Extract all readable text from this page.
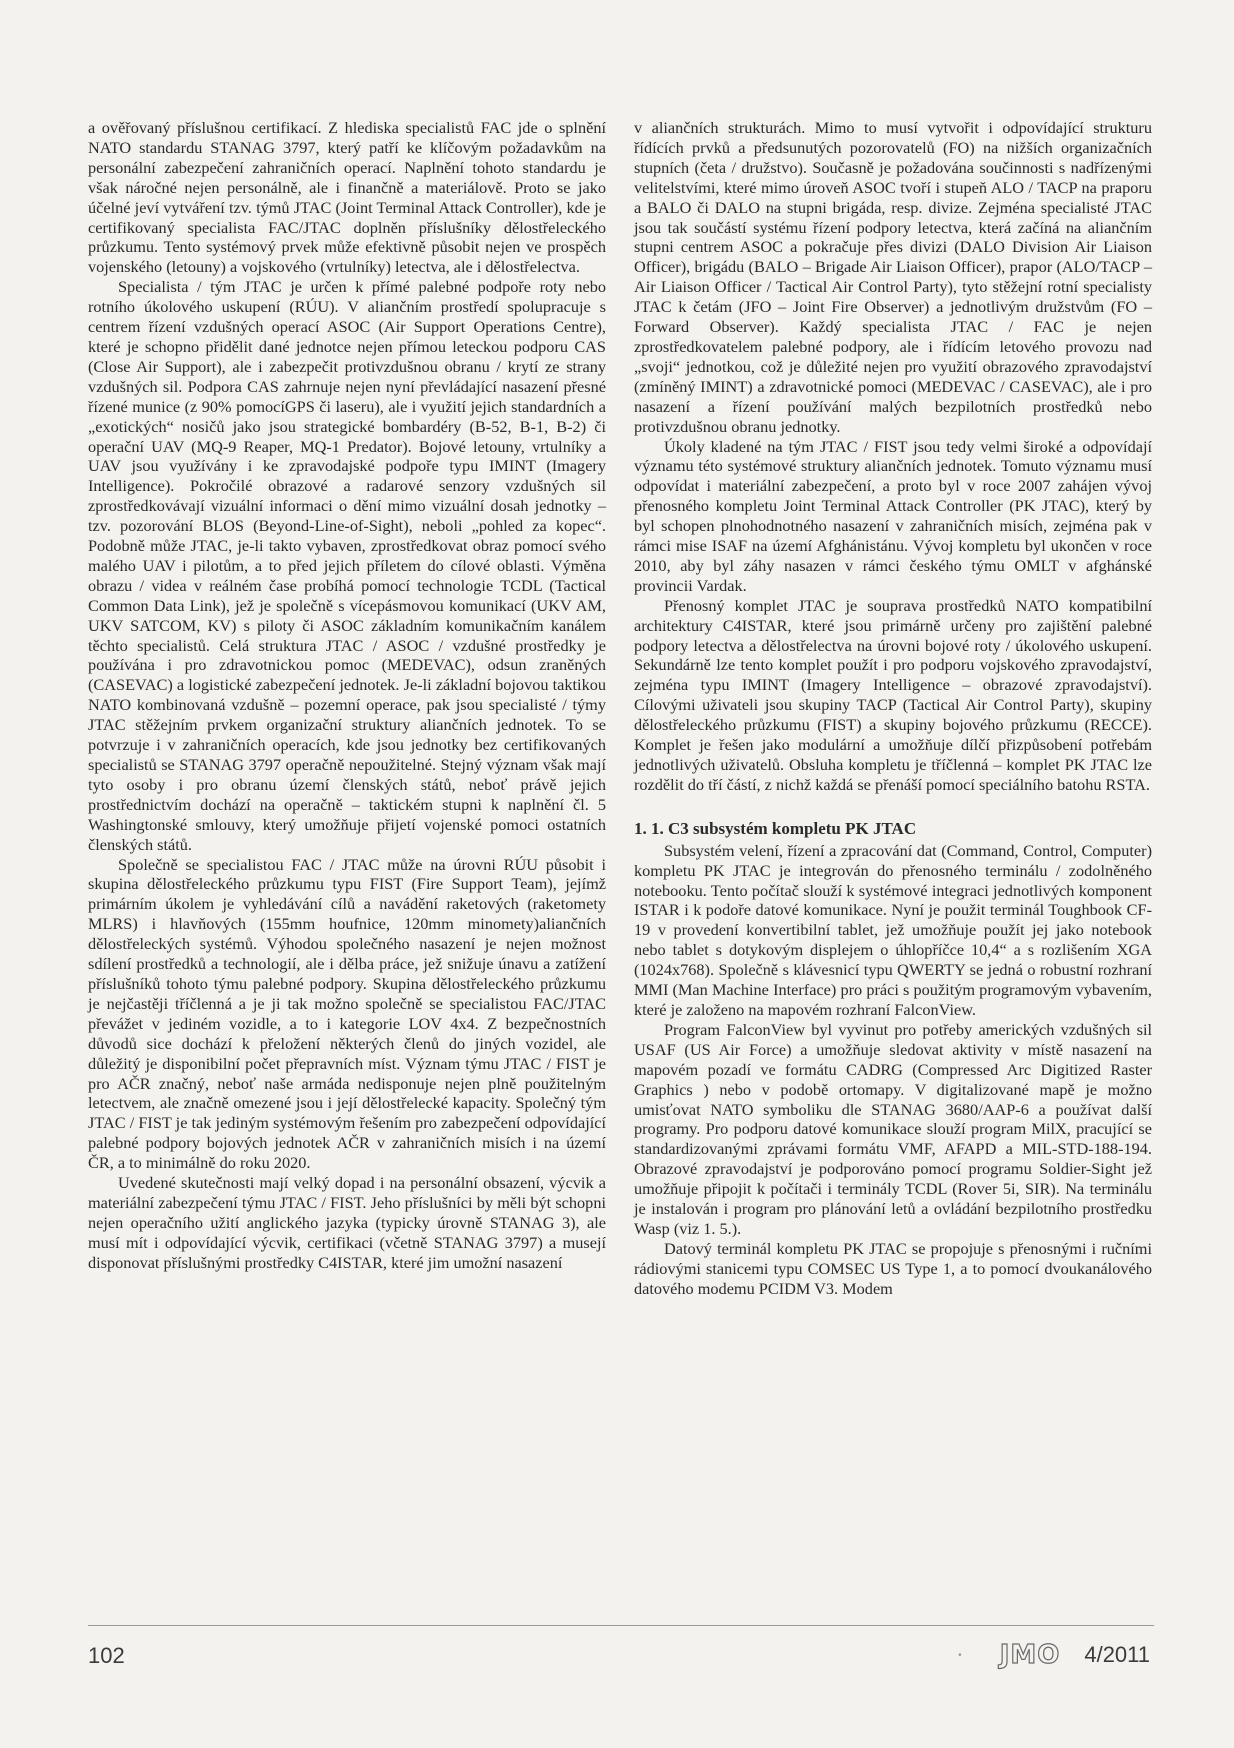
a ověřovaný příslušnou certifikací. Z hlediska specialistů FAC jde o splnění NATO standardu STANAG 3797, který patří ke klíčovým požadavkům na personální zabezpečení zahraničních operací. Naplnění tohoto standardu je však náročné nejen personálně, ale i finančně a materiálově. Proto se jako účelné jeví vytváření tzv. týmů JTAC (Joint Terminal Attack Controller), kde je certifikovaný specialista FAC/JTAC doplněn příslušníky dělostřeleckého průzkumu. Tento systémový prvek může efektivně působit nejen ve prospěch vojenského (letouny) a vojskového (vrtulníky) letectva, ale i dělostřelectva.

Specialista / tým JTAC je určen k přímé palebné podpoře roty nebo rotního úkolového uskupení (RÚU). V aliančním prostředí spolupracuje s centrem řízení vzdušných operací ASOC (Air Support Operations Centre), které je schopno přidělit dané jednotce nejen přímou leteckou podporu CAS (Close Air Support), ale i zabezpečit protivzdušnou obranu / krytí ze strany vzdušných sil. Podpora CAS zahrnuje nejen nyní převládající nasazení přesné řízené munice (z 90% pomocíGPS či laseru), ale i využití jejich standardních a „exotických“ nosičů jako jsou strategické bombardéry (B-52, B-1, B-2) či operační UAV (MQ-9 Reaper, MQ-1 Predator). Bojové letouny, vrtulníky a UAV jsou využívány i ke zpravodajské podpoře typu IMINT (Imagery Intelligence). Pokročilé obrazové a radarové senzory vzdušných sil zprostředkovávají vizuální informaci o dění mimo vizuální dosah jednotky – tzv. pozorování BLOS (Beyond-Line-of-Sight), neboli „pohled za kopec“. Podobně může JTAC, je-li takto vybaven, zprostředkovat obraz pomocí svého malého UAV i pilotům, a to před jejich příletem do cílové oblasti. Výměna obrazu / videa v reálném čase probíhá pomocí technologie TCDL (Tactical Common Data Link), jež je společně s vícepásmovou komunikací (UKV AM, UKV SATCOM, KV) s piloty či ASOC základním komunikačním kanálem těchto specialistů. Celá struktura JTAC / ASOC / vzdušné prostředky je používána i pro zdravotnickou pomoc (MEDEVAC), odsun zraněných (CASEVAC) a logistické zabezpečení jednotek. Je-li základní bojovou taktikou NATO kombinovaná vzdušně – pozemní operace, pak jsou specialisté / týmy JTAC stěžejním prvkem organizační struktury aliančních jednotek. To se potvrzuje i v zahraničních operacích, kde jsou jednotky bez certifikovaných specialistů se STANAG 3797 operačně nepoužitelné. Stejný význam však mají tyto osoby i pro obranu území členských států, neboť právě jejich prostřednictvím dochází na operačně – taktickém stupni k naplnění čl. 5 Washingtonské smlouvy, který umožňuje přijetí vojenské pomoci ostatních členských států.

Společně se specialistou FAC / JTAC může na úrovni RÚU působit i skupina dělostřeleckého průzkumu typu FIST (Fire Support Team), jejímž primárním úkolem je vyhledávání cílů a navádění raketových (raketomety MLRS) i hlavňových (155mm houfnice, 120mm minomety)aliančních dělostřeleckých systémů. Výhodou společného nasazení je nejen možnost sdílení prostředků a technologií, ale i dělba práce, jež snižuje únavu a zatížení příslušníků tohoto týmu palebné podpory. Skupina dělostřeleckého průzkumu je nejčastěji tříčlenná a je ji tak možno společně se specialistou FAC/JTAC převážet v jediném vozidle, a to i kategorie LOV 4x4. Z bezpečnostních důvodů sice dochází k přeložení některých členů do jiných vozidel, ale důležitý je disponibilní počet přepravních míst. Význam týmu JTAC / FIST je pro AČR značný, neboť naše armáda nedisponuje nejen plně použitelným letectvem, ale značně omezené jsou i její dělostřelecké kapacity. Společný tým JTAC / FIST je tak jediným systémovým řešením pro zabezpečení odpovídající palebné podpory bojových jednotek AČR v zahraničních misích i na území ČR, a to minimálně do roku 2020.

Uvedené skutečnosti mají velký dopad i na personální obsazení, výcvik a materiální zabezpečení týmu JTAC / FIST. Jeho příslušníci by měli být schopni nejen operačního užití anglického jazyka (typicky úrovně STANAG 3), ale musí mít i odpovídající výcvik, certifikaci (včetně STANAG 3797) a musejí disponovat příslušnými prostředky C4ISTAR, které jim umožní nasazení

v aliančních strukturách. Mimo to musí vytvořit i odpovídající strukturu řídících prvků a předsunutých pozorovatelů (FO) na nižších organizačních stupních (četa / družstvo). Současně je požadována součinnosti s nadřízenými velitelstvími, které mimo úroveň ASOC tvoří i stupeň ALO / TACP na praporu a BALO či DALO na stupni brigáda, resp. divize. Zejména specialisté JTAC jsou tak součástí systému řízení podpory letectva, která začíná na aliančním stupni centrem ASOC a pokračuje přes divizi (DALO Division Air Liaison Officer), brigádu (BALO – Brigade Air Liaison Officer), prapor (ALO/TACP – Air Liaison Officer / Tactical Air Control Party), tyto stěžejní rotní specialisty JTAC k četám (JFO – Joint Fire Observer) a jednotlivým družstvům (FO – Forward Observer). Každý specialista JTAC / FAC je nejen zprostředkovatelem palebné podpory, ale i řídícím letového provozu nad „svoji“ jednotkou, což je důležité nejen pro využití obrazového zpravodajství (zmíněný IMINT) a zdravotnické pomoci (MEDEVAC / CASEVAC), ale i pro nasazení a řízení používání malých bezpilotních prostředků nebo protivzdušnou obranu jednotky.

Úkoly kladené na tým JTAC / FIST jsou tedy velmi široké a odpovídají významu této systémové struktury aliančních jednotek. Tomuto významu musí odpovídat i materiální zabezpečení, a proto byl v roce 2007 zahájen vývoj přenosného kompletu Joint Terminal Attack Controller (PK JTAC), který by byl schopen plnohodnotného nasazení v zahraničních misích, zejména pak v rámci mise ISAF na území Afghánistánu. Vývoj kompletu byl ukončen v roce 2010, aby byl záhy nasazen v rámci českého týmu OMLT v afghánské provincii Vardak.

Přenosný komplet JTAC je souprava prostředků NATO kompatibilní architektury C4ISTAR, které jsou primárně určeny pro zajištění palebné podpory letectva a dělostřelectva na úrovni bojové roty / úkolového uskupení. Sekundárně lze tento komplet použít i pro podporu vojskového zpravodajství, zejména typu IMINT (Imagery Intelligence – obrazové zpravodajství). Cílovými uživateli jsou skupiny TACP (Tactical Air Control Party), skupiny dělostřeleckého průzkumu (FIST) a skupiny bojového průzkumu (RECCE). Komplet je řešen jako modulární a umožňuje dílčí přizpůsobení potřebám jednotlivých uživatelů. Obsluha kompletu je tříčlenná – komplet PK JTAC lze rozdělit do tří částí, z nichž každá se přenáší pomocí speciálního batohu RSTA.

1. 1. C3 subsystém kompletu PK JTAC

Subsystém velení, řízení a zpracování dat (Command, Control, Computer) kompletu PK JTAC je integrován do přenosného terminálu / zodolněného notebooku. Tento počítač slouží k systémové integraci jednotlivých komponent ISTAR i k podoře datové komunikace. Nyní je použit terminál Toughbook CF-19 v provedení konvertibilní tablet, jež umožňuje použít jej jako notebook nebo tablet s dotykovým displejem o úhlopříčce 10,4“ a s rozlišením XGA (1024x768). Společně s klávesnicí typu QWERTY se jedná o robustní rozhraní MMI (Man Machine Interface) pro práci s použitým programovým vybavením, které je založeno na mapovém rozhraní FalconView.

Program FalconView byl vyvinut pro potřeby amerických vzdušných sil USAF (US Air Force) a umožňuje sledovat aktivity v místě nasazení na mapovém pozadí ve formátu CADRG (Compressed Arc Digitized Raster Graphics ) nebo v podobě ortomapy. V digitalizované mapě je možno umisťovat NATO symboliku dle STANAG 3680/AAP-6 a používat další programy. Pro podporu datové komunikace slouží program MilX, pracující se standardizovanými zprávami formátu VMF, AFAPD a MIL-STD-188-194. Obrazové zpravodajství je podporováno pomocí programu Soldier-Sight jež umožňuje připojit k počítači i terminály TCDL (Rover 5i, SIR). Na terminálu je instalován i program pro plánování letů a ovládání bezpilotního prostředku Wasp (viz 1. 5.).

Datový terminál kompletu PK JTAC se propojuje s přenosnými i ručními rádiovými stanicemi typu COMSEC US Type 1, a to pomocí dvoukanálového datového modemu PCIDM V3. Modem

102	• JMO 4/2011
